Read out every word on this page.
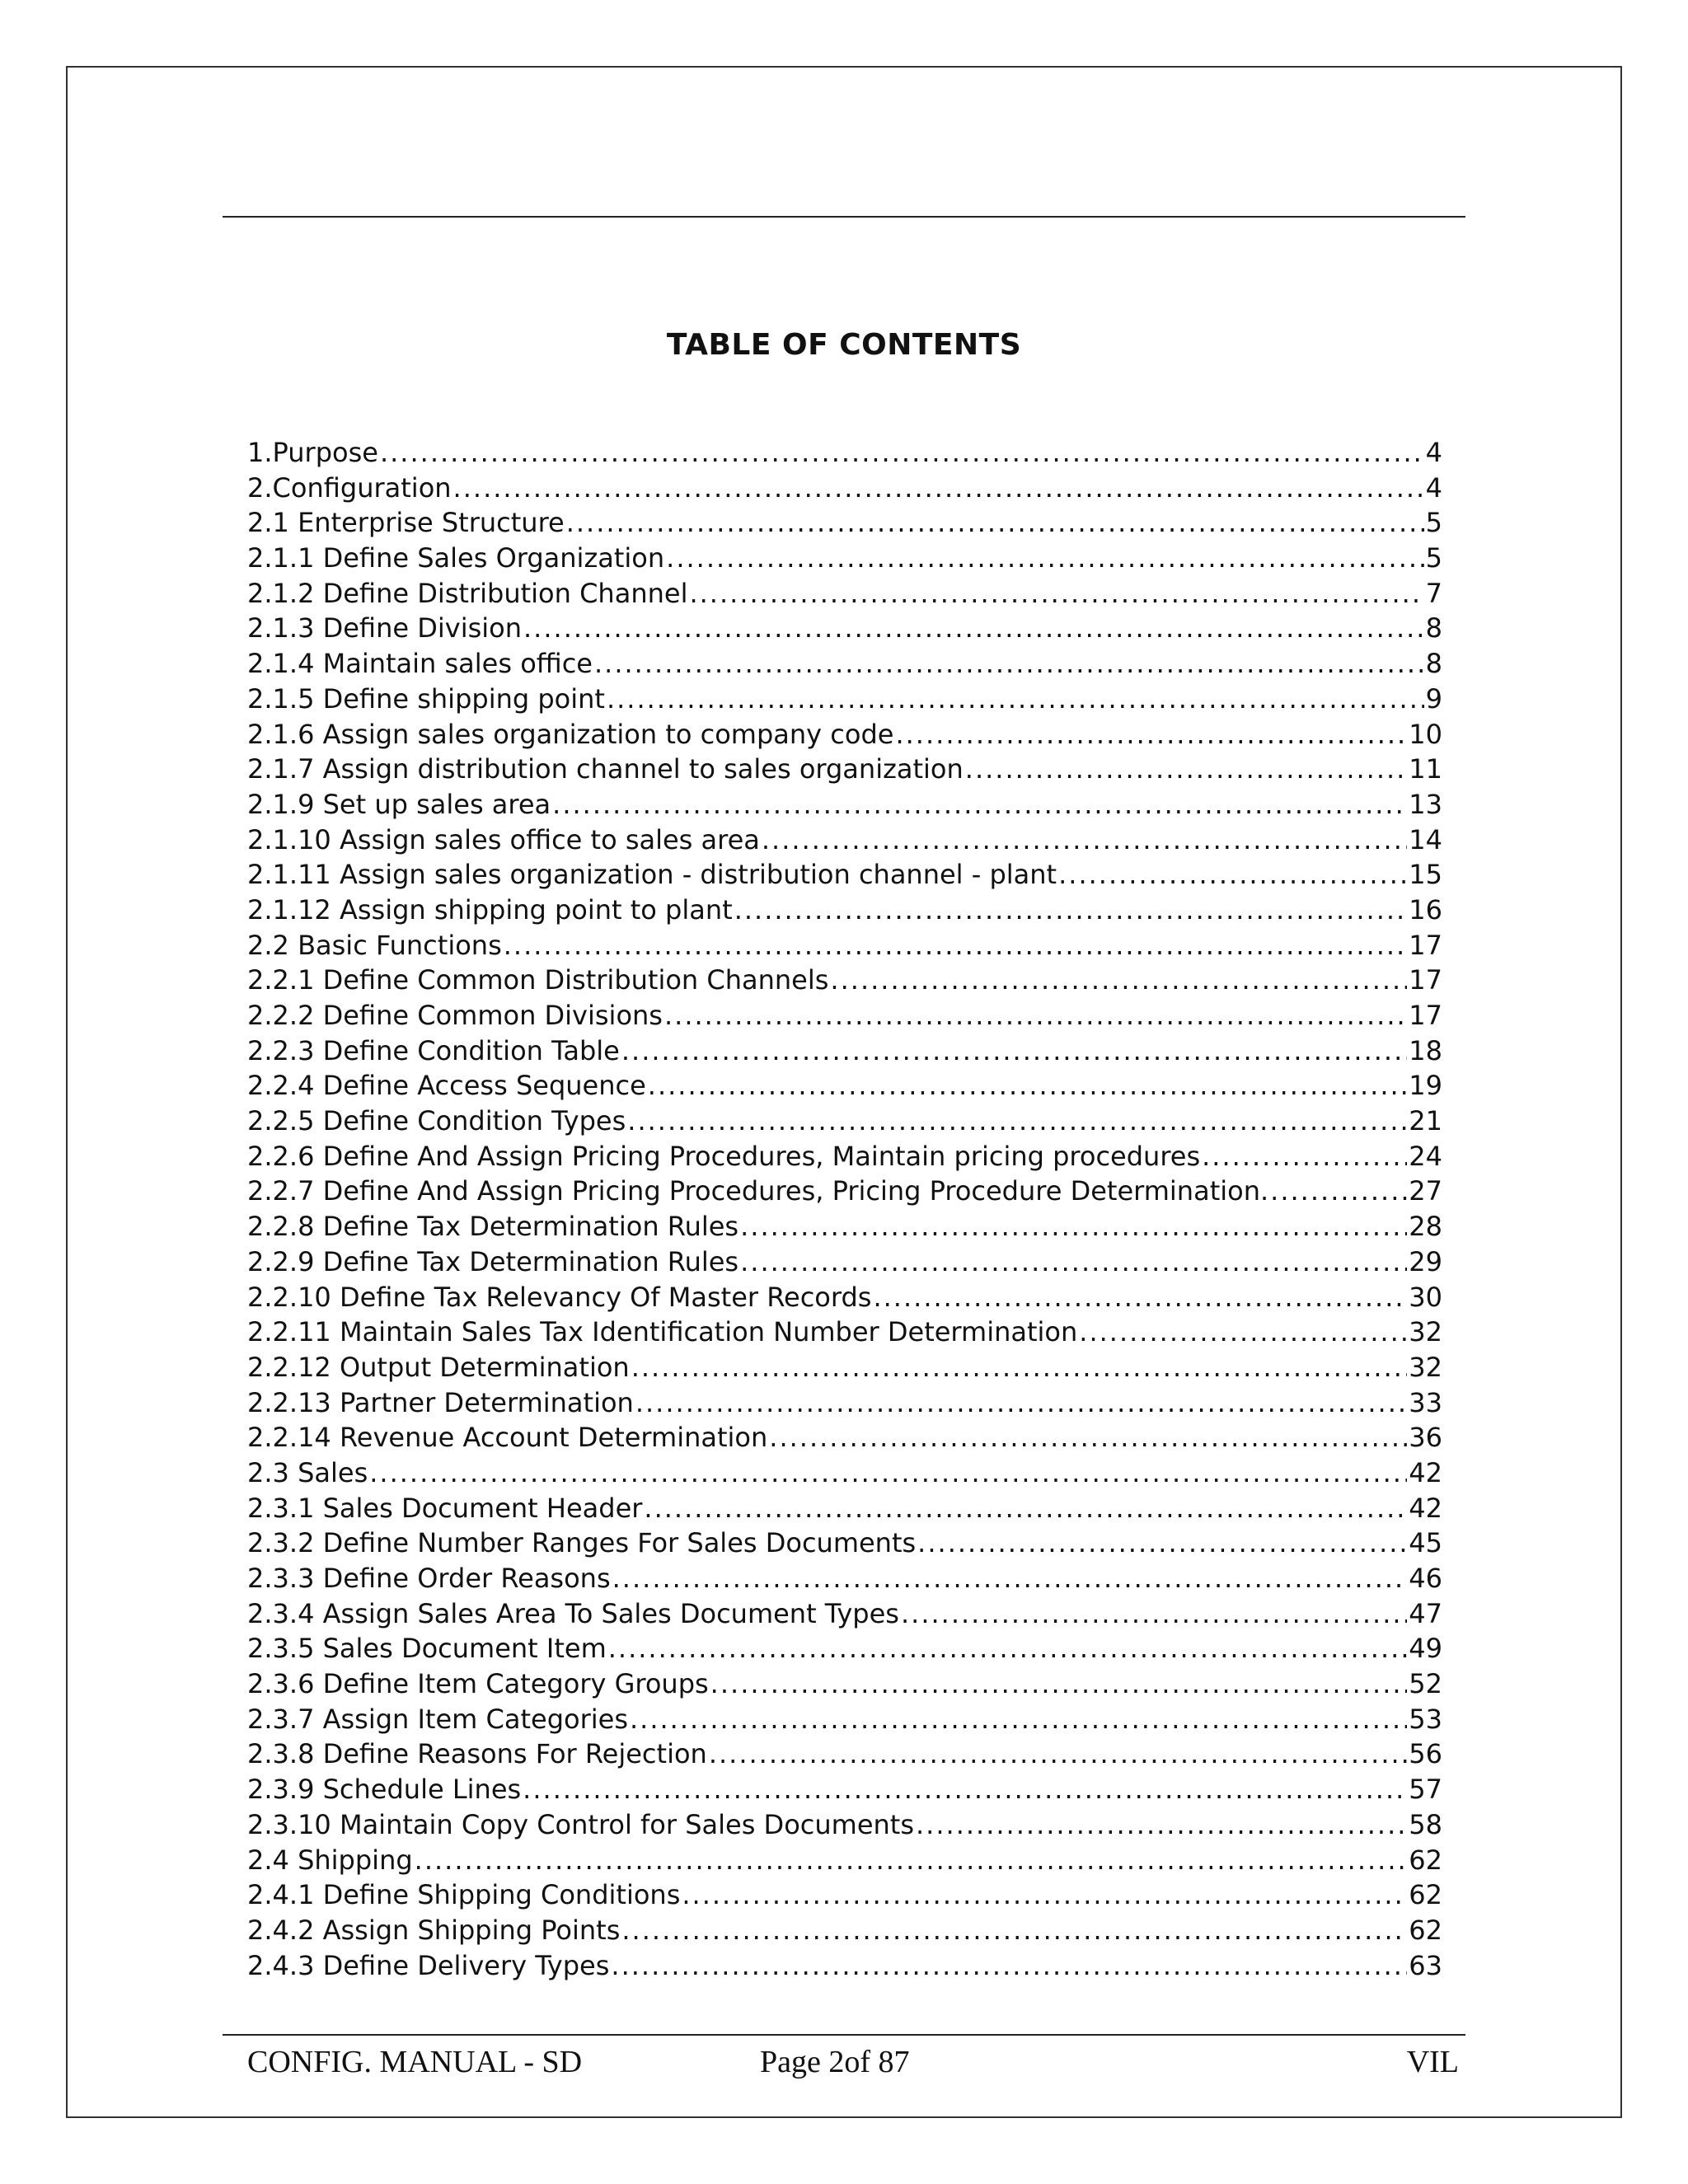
TABLE OF CONTENTS
1.Purpose .....	4
2.Configuration .....	4
2.1 Enterprise Structure .....	5
2.1.1 Define Sales Organization .....	5
2.1.2 Define Distribution Channel .....	7
2.1.3 Define Division .....	8
2.1.4 Maintain sales office .....	8
2.1.5 Define shipping point .....	9
2.1.6 Assign sales organization to company code .....	10
2.1.7 Assign distribution channel to sales organization .....	11
2.1.9 Set up sales area .....	13
2.1.10 Assign sales office to sales area .....	14
2.1.11 Assign sales organization - distribution channel - plant .....	15
2.1.12 Assign shipping point to plant .....	16
2.2 Basic Functions .....	17
2.2.1 Define Common Distribution Channels .....	17
2.2.2 Define Common Divisions .....	17
2.2.3 Define Condition Table .....	18
2.2.4 Define Access Sequence .....	19
2.2.5 Define Condition Types .....	21
2.2.6 Define And Assign Pricing Procedures, Maintain pricing procedures .....	24
2.2.7 Define And Assign Pricing Procedures, Pricing Procedure Determination. .....	27
2.2.8 Define Tax Determination Rules .....	28
2.2.9 Define Tax Determination Rules .....	29
2.2.10 Define Tax Relevancy Of Master Records .....	30
2.2.11 Maintain Sales Tax Identification Number Determination .....	32
2.2.12 Output Determination .....	32
2.2.13 Partner Determination .....	33
2.2.14 Revenue Account Determination .....	36
2.3 Sales .....	42
2.3.1 Sales Document Header .....	42
2.3.2 Define Number Ranges For Sales Documents .....	45
2.3.3 Define Order Reasons .....	46
2.3.4 Assign Sales Area To Sales Document Types .....	47
2.3.5 Sales Document Item .....	49
2.3.6 Define Item Category Groups .....	52
2.3.7 Assign Item Categories .....	53
2.3.8 Define Reasons For Rejection .....	56
2.3.9 Schedule Lines .....	57
2.3.10 Maintain Copy Control for Sales Documents .....	58
2.4 Shipping .....	62
2.4.1 Define Shipping Conditions .....	62
2.4.2 Assign Shipping Points .....	62
2.4.3 Define Delivery Types .....	63
CONFIG. MANUAL - SD	Page 2of 87	VIL
